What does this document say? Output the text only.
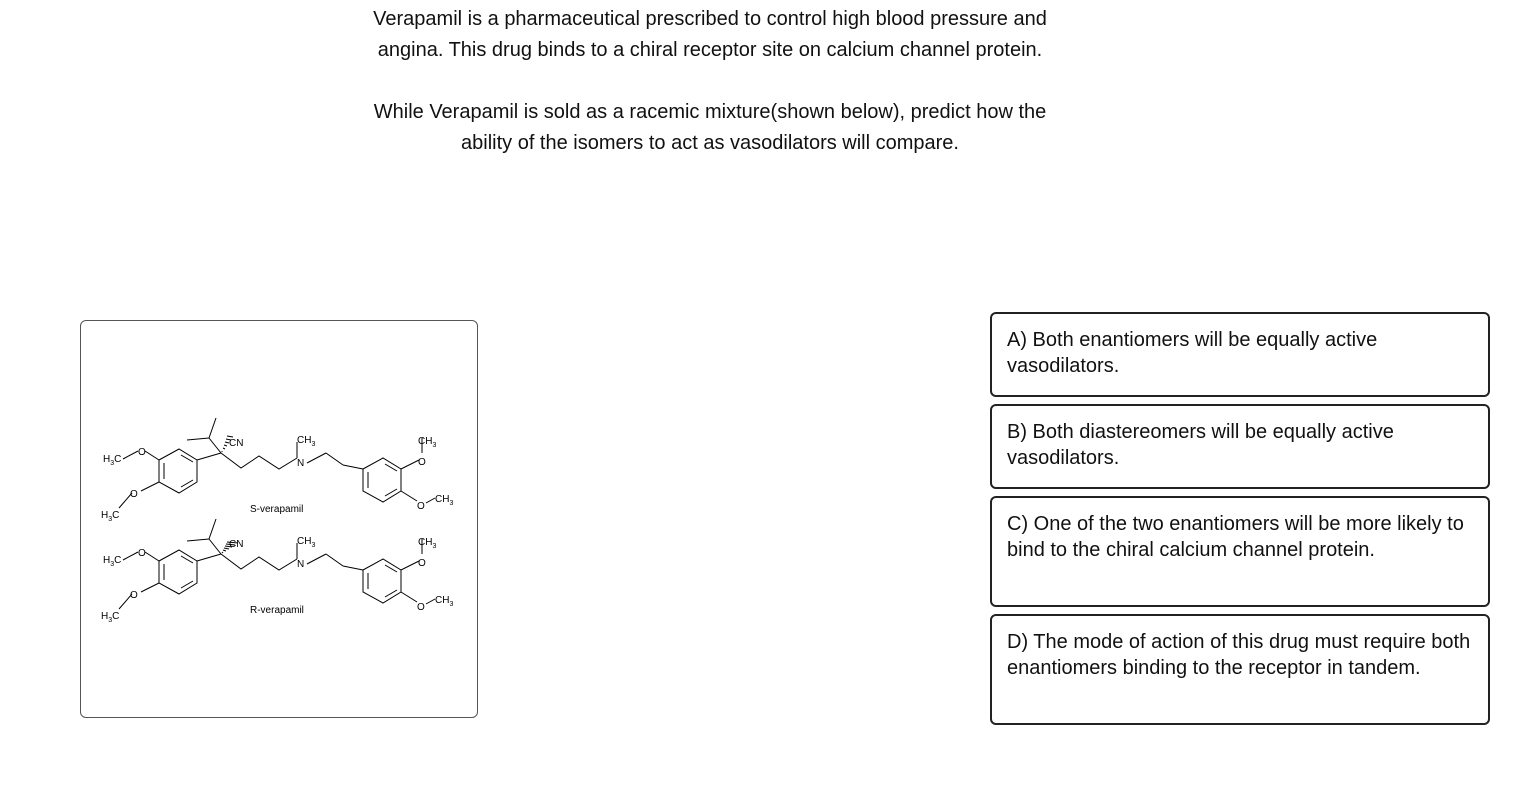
Verapamil is a pharmaceutical prescribed to control high blood pressure and
angina. This drug binds to a chiral receptor site on calcium channel protein.

While Verapamil is sold as a racemic mixture(shown below), predict how the
ability of the isomers to act as vasodilators will compare.

$H_3C$
O
O
$H_3C$
CN	$CH_3$
N
$CH_3$
O
O
$CH_3$
S-verapamil
$H_3C$
O
O
$H_3C$
CN	$CH_3$
N
$CH_3$
O
O
$CH_3$
R-verapamil
A) Both enantiomers will be equally active vasodilators.
B) Both diastereomers will be equally active vasodilators.
C) One of the two enantiomers will be more likely to bind to the chiral calcium channel protein.
D) The mode of action of this drug must require both enantiomers binding to the receptor in tandem.
